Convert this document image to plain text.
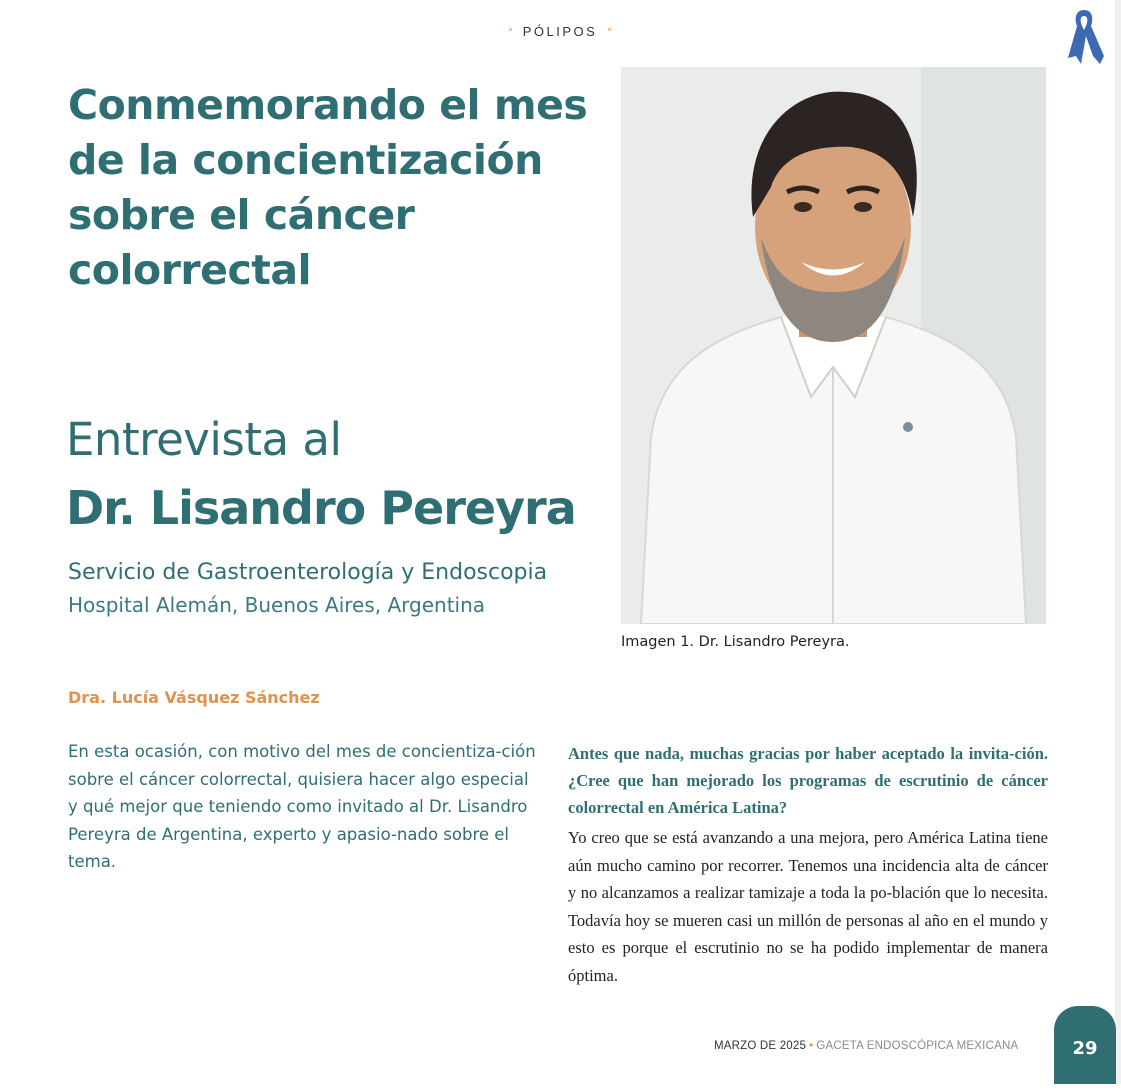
° PÓLIPOS °
Conmemorando el mes de la concientización sobre el cáncer colorrectal
Entrevista al
Dr. Lisandro Pereyra
Servicio de Gastroenterología y Endoscopia
Hospital Alemán, Buenos Aires, Argentina
Dra. Lucía Vásquez Sánchez

En esta ocasión, con motivo del mes de concientiza-ción sobre el cáncer colorrectal, quisiera hacer algo especial y qué mejor que teniendo como invitado al Dr. Lisandro Pereyra de Argentina, experto y apasio-nado sobre el tema.

Imagen 1. Dr. Lisandro Pereyra.

Antes que nada, muchas gracias por haber aceptado la invita-ción. ¿Cree que han mejorado los programas de escrutinio de cáncer colorrectal en América Latina?

Yo creo que se está avanzando a una mejora, pero América Latina tiene aún mucho camino por recorrer. Tenemos una incidencia alta de cáncer y no alcanzamos a realizar tamizaje a toda la po-blación que lo necesita. Todavía hoy se mueren casi un millón de personas al año en el mundo y esto es porque el escrutinio no se ha podido implementar de manera óptima.

MARZO DE 2025 • GACETA ENDOSCÓPICA MEXICANA	29
